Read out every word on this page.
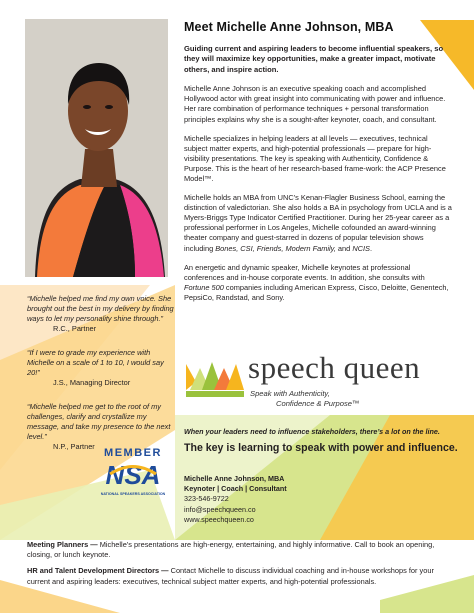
Meet Michelle Anne Johnson, MBA

Guiding current and aspiring leaders to become influential speakers, so they will maximize key opportunities, make a greater impact, motivate others, and inspire action.

Michelle Anne Johnson is an executive speaking coach and accomplished Hollywood actor with great insight into communicating with power and influence. Her rare combination of performance techniques + personal transformation principles explains why she is a sought-after keynoter, coach, and consultant.

Michelle specializes in helping leaders at all levels — executives, technical subject matter experts, and high-potential professionals — prepare for high-visibility presentations. The key is speaking with Authenticity, Confidence & Purpose. This is the heart of her research-based frame-work: the ACP Presence Model™.

Michelle holds an MBA from UNC’s Kenan-Flagler Business School, earning the distinction of valedictorian. She also holds a BA in psychology from UCLA and is a Myers-Briggs Type Indicator Certified Practitioner. During her 25-year career as a professional performer in Los Angeles, Michelle cofounded an award-winning theater company and guest-starred in dozens of popular television shows including Bones, CSI, Friends, Modern Family, and NCIS.

An energetic and dynamic speaker, Michelle keynotes at professional conferences and in-house corporate events. In addition, she consults with Fortune 500 companies including American Express, Cisco, Deloitte, Genentech, PepsiCo, Randstad, and Sony.

“Michelle helped me find my own voice. She brought out the best in my delivery by finding ways to let my personality shine through.”

R.C., Partner

“If I were to grade my experience with Michelle on a scale of 1 to 10, I would say 20!”

J.S., Managing Director

“Michelle helped me get to the root of my challenges, clarify and crystallize my message, and take my presence to the next level.”

N.P., Partner

speech queen
Speak with Authenticity,
Confidence & Purpose™
When your leaders need to influence stakeholders, there’s a lot on the line.
The key is learning to speak with power and influence.
MEMBER
NSA
NATIONAL SPEAKERS ASSOCIATION
Michelle Anne Johnson, MBA
Keynoter | Coach | Consultant
323-546-9722
info@speechqueen.co
www.speechqueen.co

Meeting Planners — Michelle’s presentations are high-energy, entertaining, and highly informative. Call to book an opening, closing, or lunch keynote.

HR and Talent Development Directors — Contact Michelle to discuss individual coaching and in-house workshops for your current and aspiring leaders: executives, technical subject matter experts, and high-potential professionals.
